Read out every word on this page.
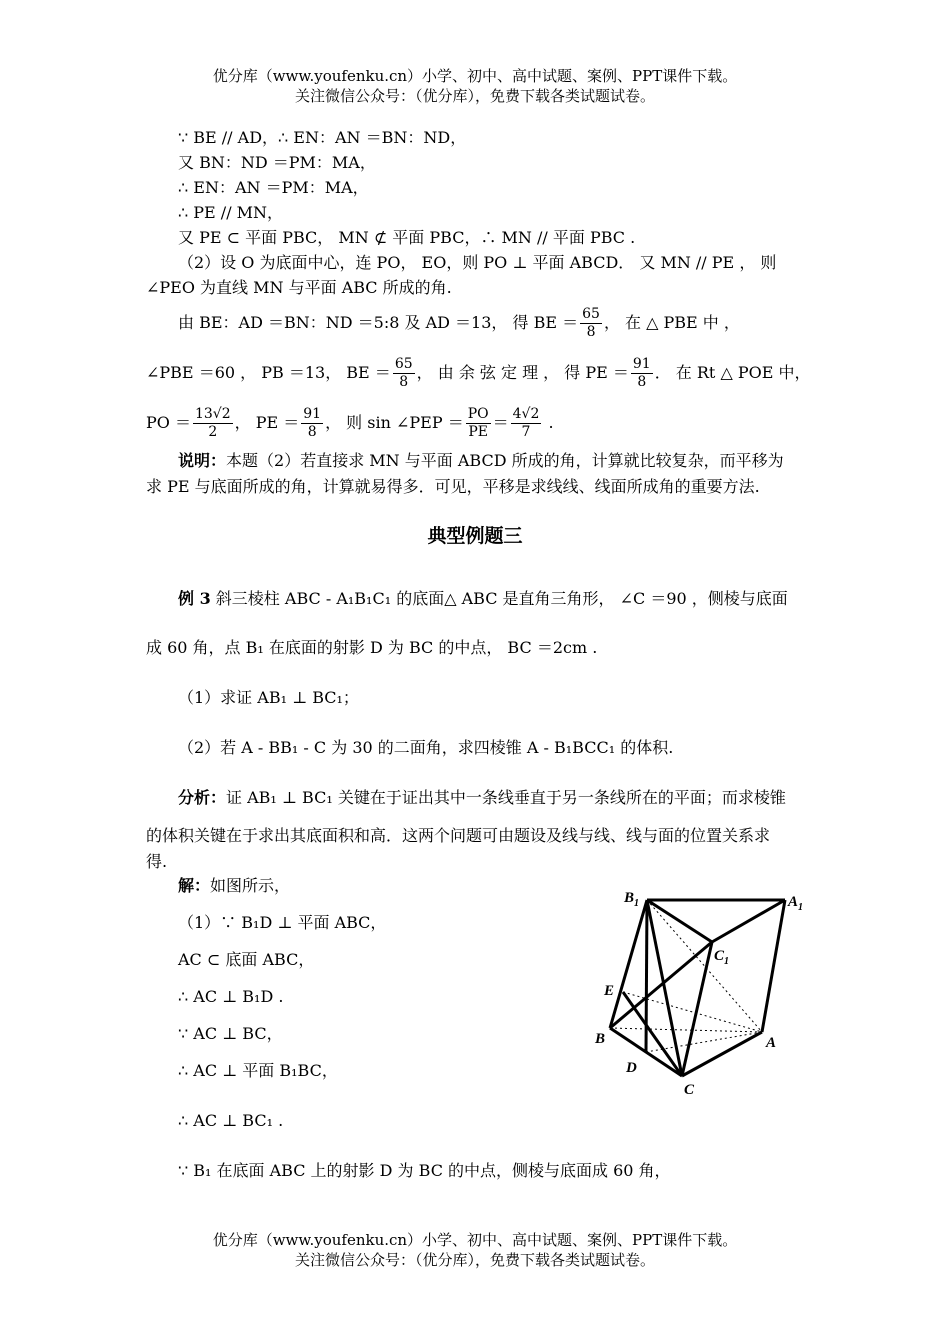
优分库（www.youfenku.cn）小学、初中、高中试题、案例、PPT课件下载。
关注微信公众号：（优分库），免费下载各类试题试卷。
∵ BE // AD，∴ EN：AN ＝BN：ND，
又 BN：ND ＝PM：MA，
∴ EN：AN ＝PM：MA，
∴ PE // MN，
又 PE ⊂ 平面 PBC， MN ⊄ 平面 PBC，∴ MN // 平面 PBC .
（2）设 O 为底面中心，连 PO， EO，则 PO ⊥ 平面 ABCD． 又 MN // PE ， 则
∠PEO 为直线 MN 与平面 ABC 所成的角.
由 BE：AD ＝BN：ND ＝5:8 及 AD ＝13， 得 BE ＝ $\frac{65}{8}$ ， 在 △ PBE 中 ，
∠PBE ＝60 ， PB ＝13， BE ＝ $\frac{65}{8}$ ， 由 余 弦 定 理 ， 得 PE ＝ $\frac{91}{8}$ ． 在 Rt △ POE 中，
PO ＝ $\frac{13√2}{2}$ ， PE ＝ $\frac{91}{8}$ ， 则 sin ∠PEP ＝ $\frac{PO}{PE} = \frac{4√2}{7}$ .
说明：本题（2）若直接求 MN 与平面 ABCD 所成的角，计算就比较复杂，而平移为
求 PE 与底面所成的角，计算就易得多．可见，平移是求线线、线面所成角的重要方法.
典型例题三
例 3 斜三棱柱 ABC - A₁B₁C₁ 的底面△ ABC 是直角三角形， ∠C ＝90 ，侧棱与底面
成 60 角，点 B₁ 在底面的射影 D 为 BC 的中点， BC ＝2cm .
（1）求证 AB₁ ⊥ BC₁；
（2）若 A - BB₁ - C 为 30 的二面角，求四棱锥 A - B₁BCC₁ 的体积.
分析：证 AB₁ ⊥ BC₁ 关键在于证出其中一条线垂直于另一条线所在的平面；而求棱锥
的体积关键在于求出其底面积和高．这两个问题可由题设及线与线、线与面的位置关系求
得.
解：如图所示，
（1）∵ B₁D ⊥ 平面 ABC，
AC ⊂ 底面 ABC，
∴ AC ⊥ B₁D .
∵ AC ⊥ BC，
∴ AC ⊥ 平面 B₁BC，
∴ AC ⊥ BC₁ .
∵ B₁ 在底面 ABC 上的射影 D 为 BC 的中点，侧棱与底面成 60 角，
$B_1$	$A_1$
$C_1$
E
B	A
D
C
优分库（www.youfenku.cn）小学、初中、高中试题、案例、PPT课件下载。
关注微信公众号：（优分库），免费下载各类试题试卷。
